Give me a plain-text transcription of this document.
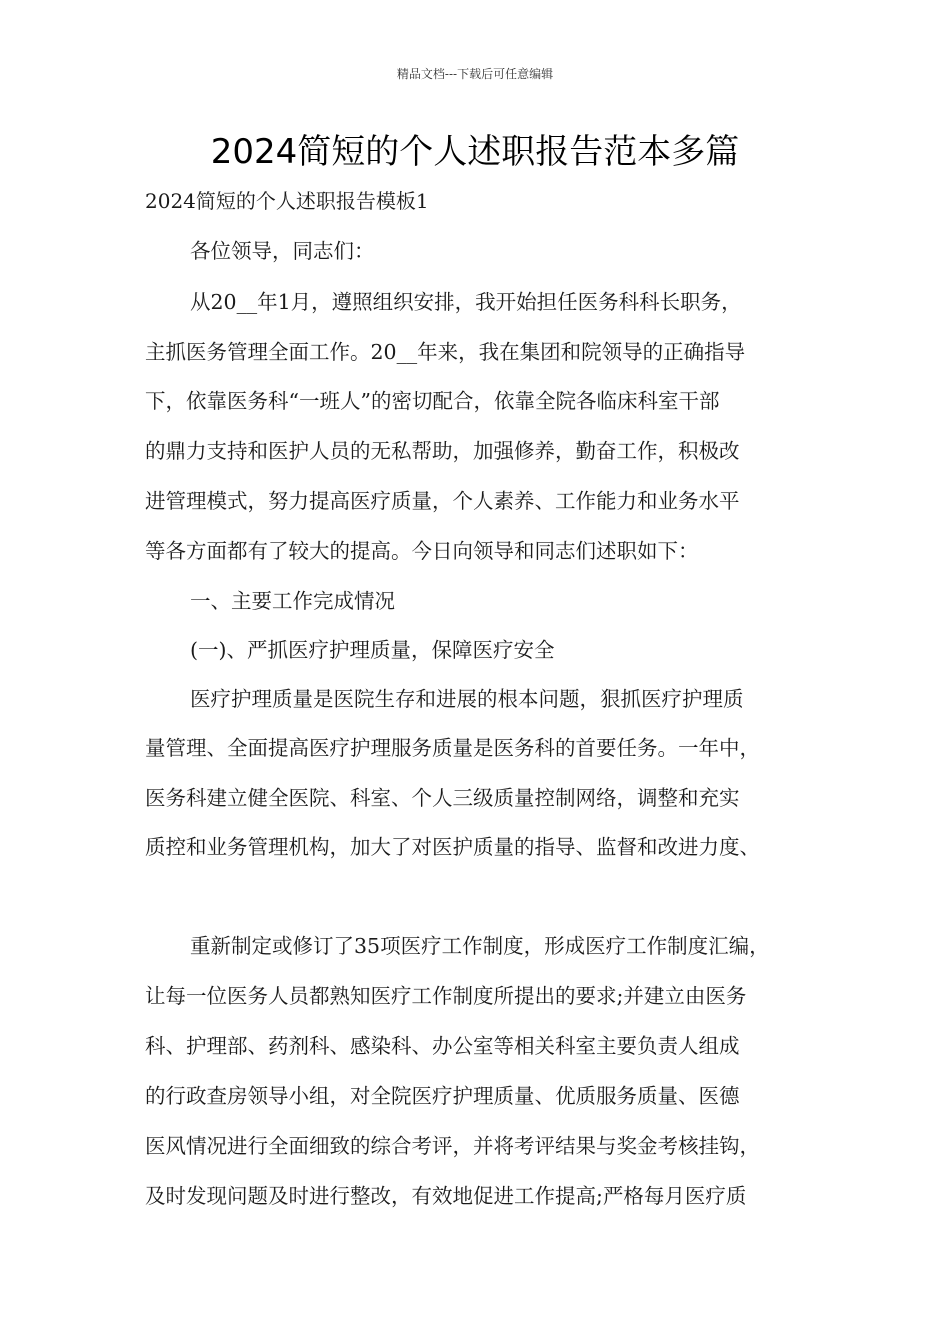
精品文档---下载后可任意编辑
2024简短的个人述职报告范本多篇
2024简短的个人述职报告模板1
各位领导，同志们：
从20__年1月，遵照组织安排，我开始担任医务科科长职务，
主抓医务管理全面工作。20__年来，我在集团和院领导的正确指导
下，依靠医务科“一班人”的密切配合，依靠全院各临床科室干部
的鼎力支持和医护人员的无私帮助，加强修养，勤奋工作，积极改
进管理模式，努力提高医疗质量，个人素养、工作能力和业务水平
等各方面都有了较大的提高。今日向领导和同志们述职如下：
一、主要工作完成情况
(一)、严抓医疗护理质量，保障医疗安全
医疗护理质量是医院生存和进展的根本问题，狠抓医疗护理质
量管理、全面提高医疗护理服务质量是医务科的首要任务。一年中，
医务科建立健全医院、科室、个人三级质量控制网络，调整和充实
质控和业务管理机构，加大了对医护质量的指导、监督和改进力度、
重新制定或修订了35项医疗工作制度，形成医疗工作制度汇编，
让每一位医务人员都熟知医疗工作制度所提出的要求;并建立由医务
科、护理部、药剂科、感染科、办公室等相关科室主要负责人组成
的行政查房领导小组，对全院医疗护理质量、优质服务质量、医德
医风情况进行全面细致的综合考评，并将考评结果与奖金考核挂钩，
及时发现问题及时进行整改，有效地促进工作提高;严格每月医疗质
